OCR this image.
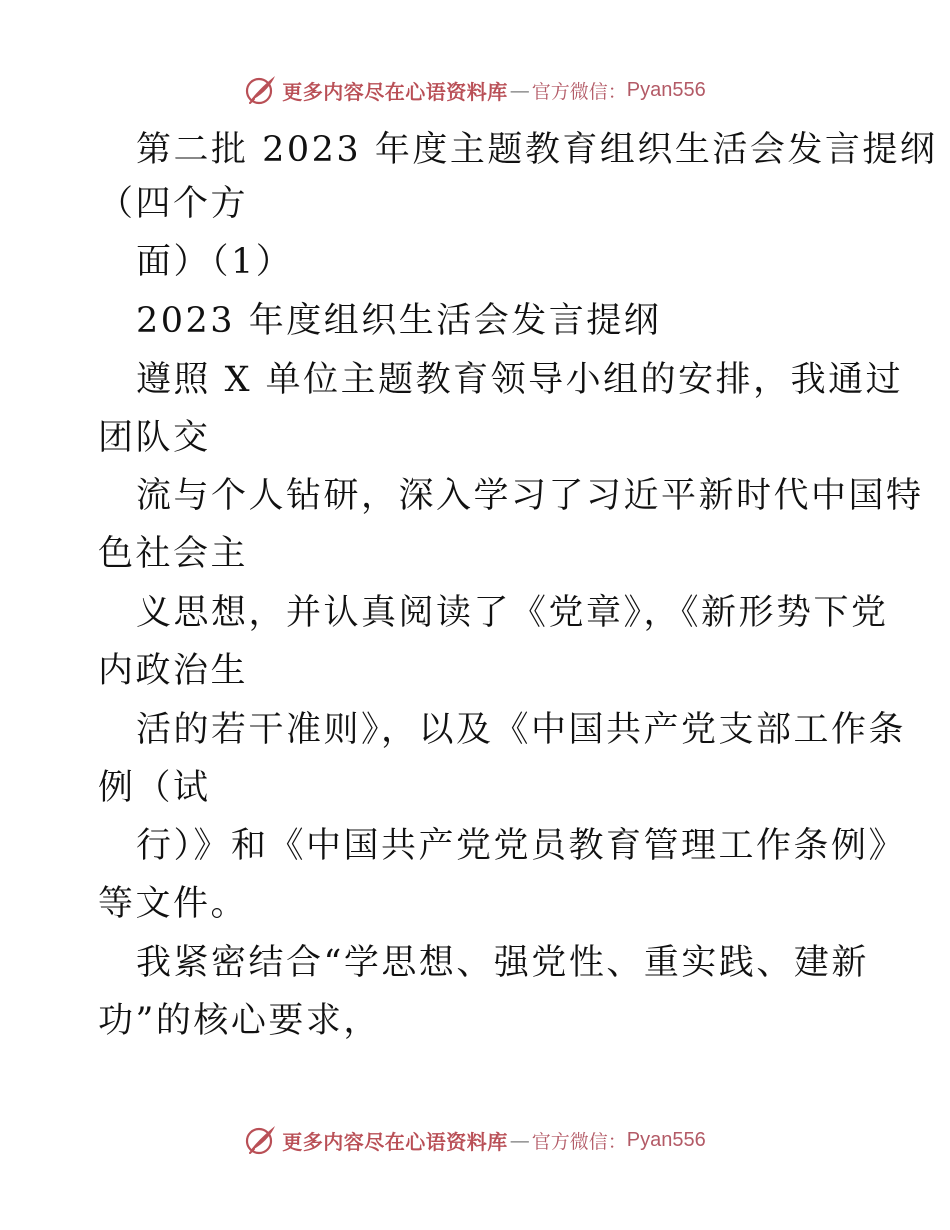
更多内容尽在心语资料库 — 官方微信： Pyan556
第二批 2023 年度主题教育组织生活会发言提纲
（四个方
面）（1）
2023 年度组织生活会发言提纲
遵照 X 单位主题教育领导小组的安排，我通过
团队交
流与个人钻研，深入学习了习近平新时代中国特
色社会主
义思想，并认真阅读了《党章》，《新形势下党
内政治生
活的若干准则》，以及《中国共产党支部工作条
例（试
行）》和《中国共产党党员教育管理工作条例》
等文件。
我紧密结合“学思想、强党性、重实践、建新
功”的核心要求，
更多内容尽在心语资料库 — 官方微信： Pyan556
